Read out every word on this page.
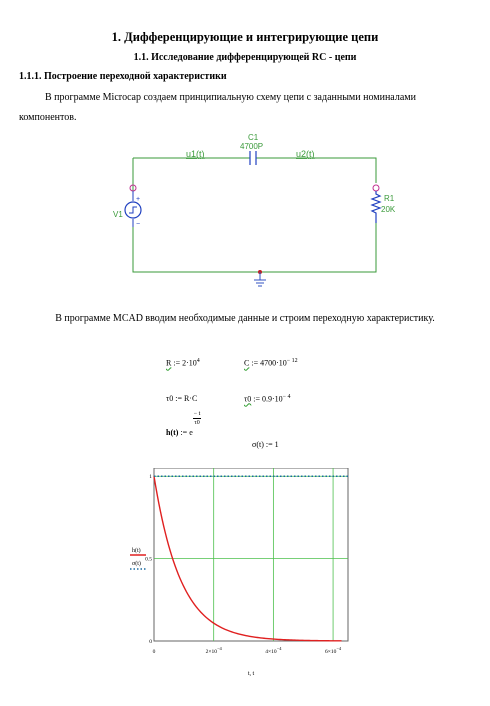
1. Дифференцирующие и интегрирующие цепи
1.1. Исследование дифференцирующей RC - цепи
1.1.1. Построение переходной характеристики
В программе Microcap создаем принципиальную схему цепи с заданными номиналами компонентов.
C1
4700P
u1(t)	u2(t)
+
−
V1
R1
20K
В программе MCAD вводим необходимые данные и строим переходную характеристику.
R := $2\cdot 10^4$	C := $4700\cdot 10^{- 12}$
τ0 := R·C	τ0 := $0.9\cdot 10^{- 4}$
h(t) := e
$\frac{- t}{\tau 0}$
σ(t) := 1
0
0.5
1
0	$2\times 10^{-4}$
$4\times 10^{-4}$
$6\times 10^{-4}$
t, t
h(t)
σ(t)
